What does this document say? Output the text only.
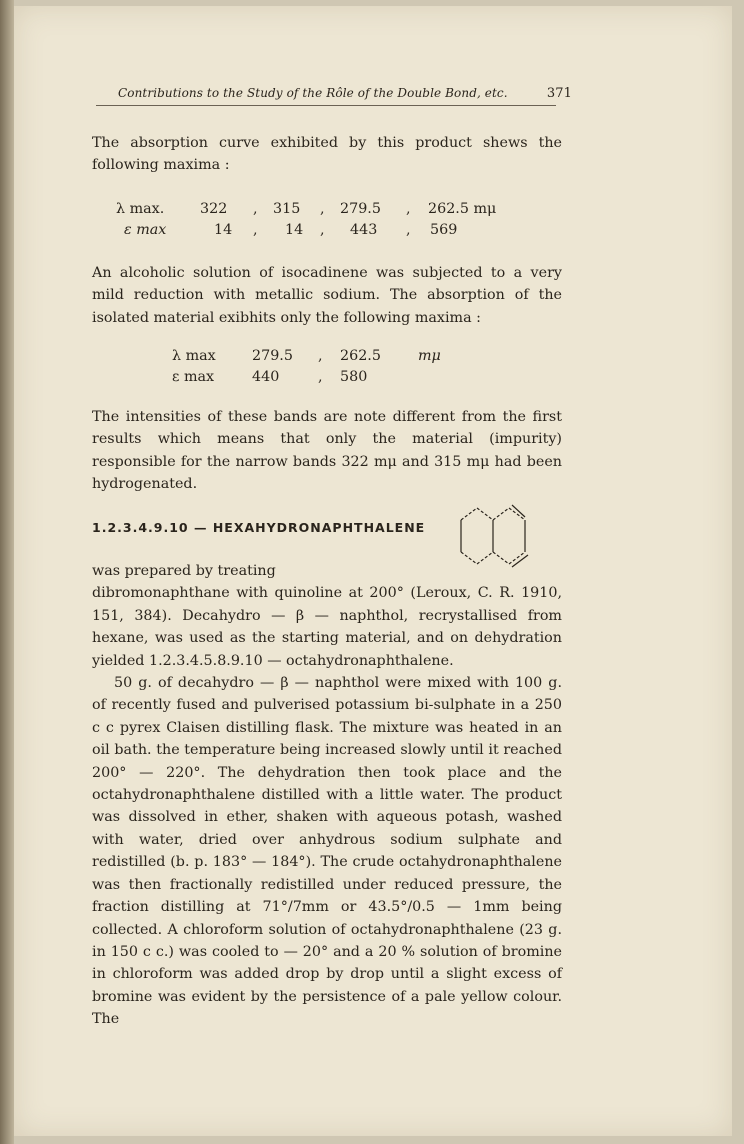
Contributions to the Study of the Rôle of the Double Bond, etc.	371

The absorption curve exhibited by this product shews the following maxima :

λ max. 322 , 315 , 279.5 , 262.5 mμ
ε max	14 , 14 , 443 , 569

An alcoholic solution of isocadinene was subjected to a very mild reduction with metallic sodium. The absorption of the isolated material exibhits only the following maxima :

λ max	279.5 , 262.5	mμ
ε max	440	, 580

The intensities of these bands are note different from the first results which means that only the material (impurity) responsible for the narrow bands 322 mμ and 315 mμ had been hydrogenated.

1.2.3.4.9.10 — HEXAHYDRONAPHTHALENE

was prepared by treating

dibromonaphthane with quinoline at 200° (Leroux, C. R. 1910, 151, 384). Decahydro — β — naphthol, recrystallised from hexane, was used as the starting material, and on dehydration yielded 1.2.3.4.5.8.9.10 — octahydronaphthalene.

50 g. of decahydro — β — naphthol were mixed with 100 g. of recently fused and pulverised potassium bi-sulphate in a 250 c c pyrex Claisen distilling flask. The mixture was heated in an oil bath. the temperature being increased slowly until it reached 200° — 220°. The dehydration then took place and the octahydronaphthalene distilled with a little water. The product was dissolved in ether, shaken with aqueous potash, washed with water, dried over anhydrous sodium sulphate and redistilled (b. p. 183° — 184°). The crude octahydronaphthalene was then fractionally redistilled under reduced pressure, the fraction distilling at 71°/7mm or 43.5°/0.5 — 1mm being collected. A chloroform solution of octahydronaphthalene (23 g. in 150 c c.) was cooled to — 20° and a 20 % solution of bromine in chloroform was added drop by drop until a slight excess of bromine was evident by the persistence of a pale yellow colour. The
